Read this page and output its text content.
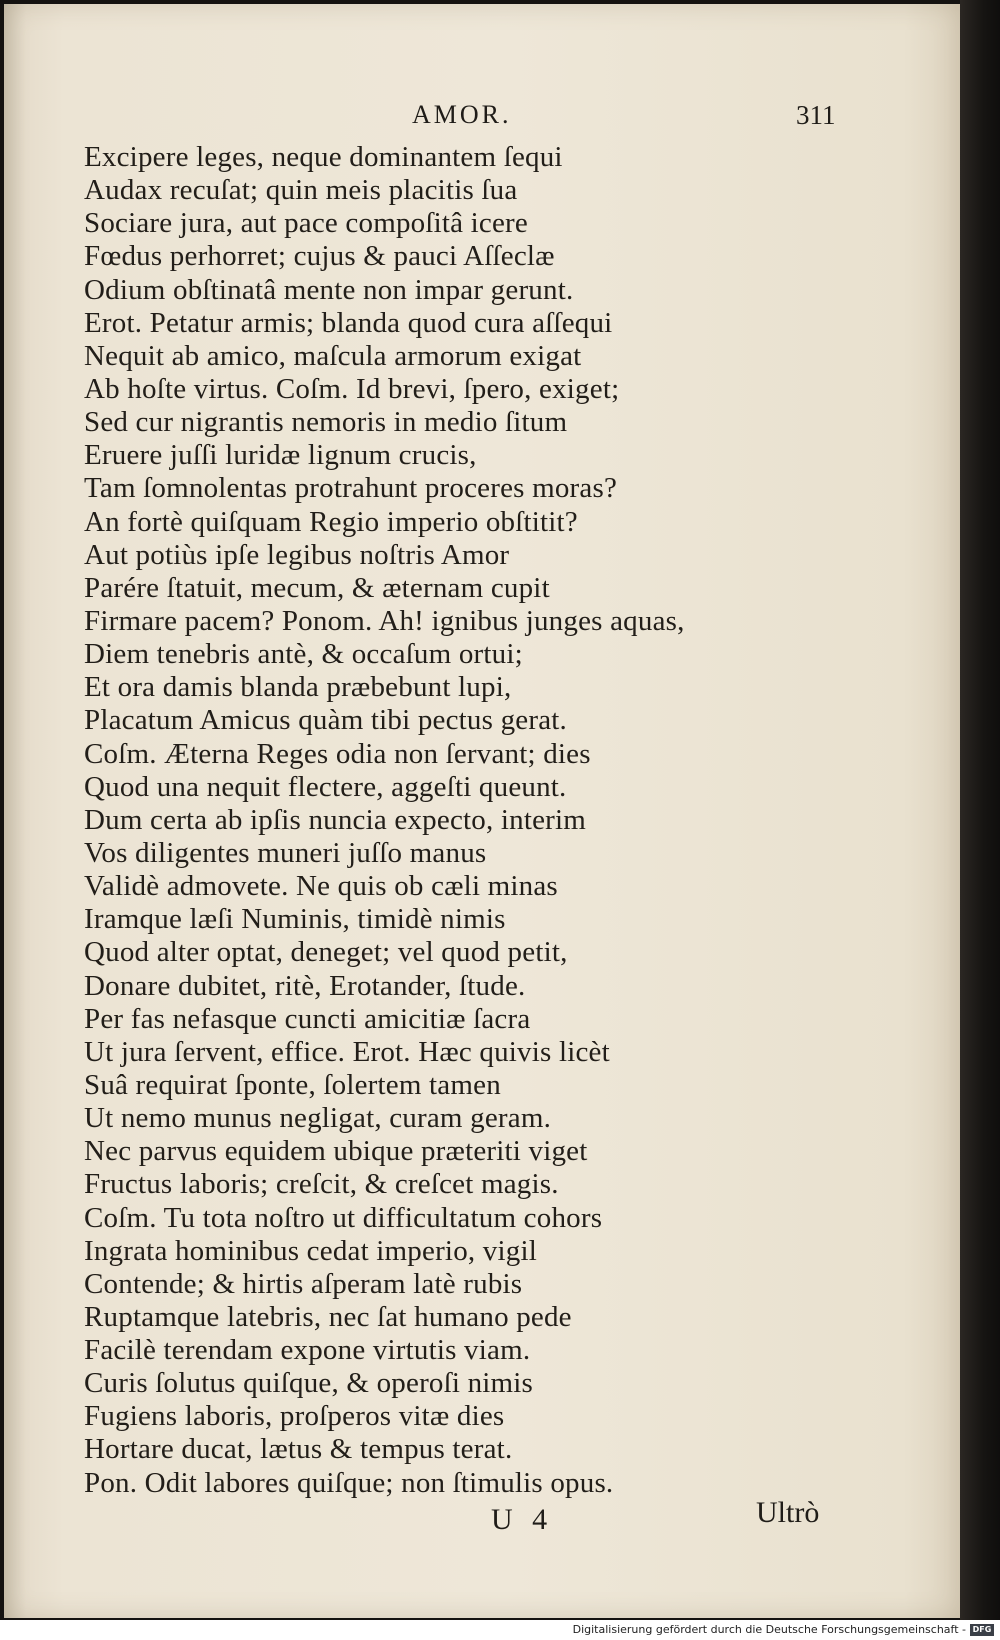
AMOR.	311
Excipere leges, neque dominantem ſequi
Audax recuſat; quin meis placitis ſua
Sociare jura, aut pace compoſitâ icere
Fœdus perhorret; cujus & pauci Aſſeclæ
Odium obſtinatâ mente non impar gerunt.
Erot. Petatur armis; blanda quod cura aſſequi
Nequit ab amico, maſcula armorum exigat
Ab hoſte virtus. Coſm. Id brevi, ſpero, exiget;
Sed cur nigrantis nemoris in medio ſitum
Eruere juſſi luridæ lignum crucis,
Tam ſomnolentas protrahunt proceres moras?
An fortè quiſquam Regio imperio obſtitit?
Aut potiùs ipſe legibus noſtris Amor
Parére ſtatuit, mecum, & æternam cupit
Firmare pacem? Ponom. Ah! ignibus junges aquas,
Diem tenebris antè, & occaſum ortui;
Et ora damis blanda præbebunt lupi,
Placatum Amicus quàm tibi pectus gerat.
Coſm. Æterna Reges odia non ſervant; dies
Quod una nequit flectere, aggeſti queunt.
Dum certa ab ipſis nuncia expecto, interim
Vos diligentes muneri juſſo manus
Validè admovete. Ne quis ob cæli minas
Iramque læſi Numinis, timidè nimis
Quod alter optat, deneget; vel quod petit,
Donare dubitet, ritè, Erotander, ſtude.
Per fas nefasque cuncti amicitiæ ſacra
Ut jura ſervent, effice. Erot. Hæc quivis licèt
Suâ requirat ſponte, ſolertem tamen
Ut nemo munus negligat, curam geram.
Nec parvus equidem ubique præteriti viget
Fructus laboris; creſcit, & creſcet magis.
Coſm. Tu tota noſtro ut difficultatum cohors
Ingrata hominibus cedat imperio, vigil
Contende; & hirtis aſperam latè rubis
Ruptamque latebris, nec ſat humano pede
Facilè terendam expone virtutis viam.
Curis ſolutus quiſque, & operoſi nimis
Fugiens laboris, proſperos vitæ dies
Hortare ducat, lætus & tempus terat.
Pon. Odit labores quiſque; non ſtimulis opus.
U 4	Ultrò
Digitalisierung gefördert durch die Deutsche Forschungsgemeinschaft - DFG
